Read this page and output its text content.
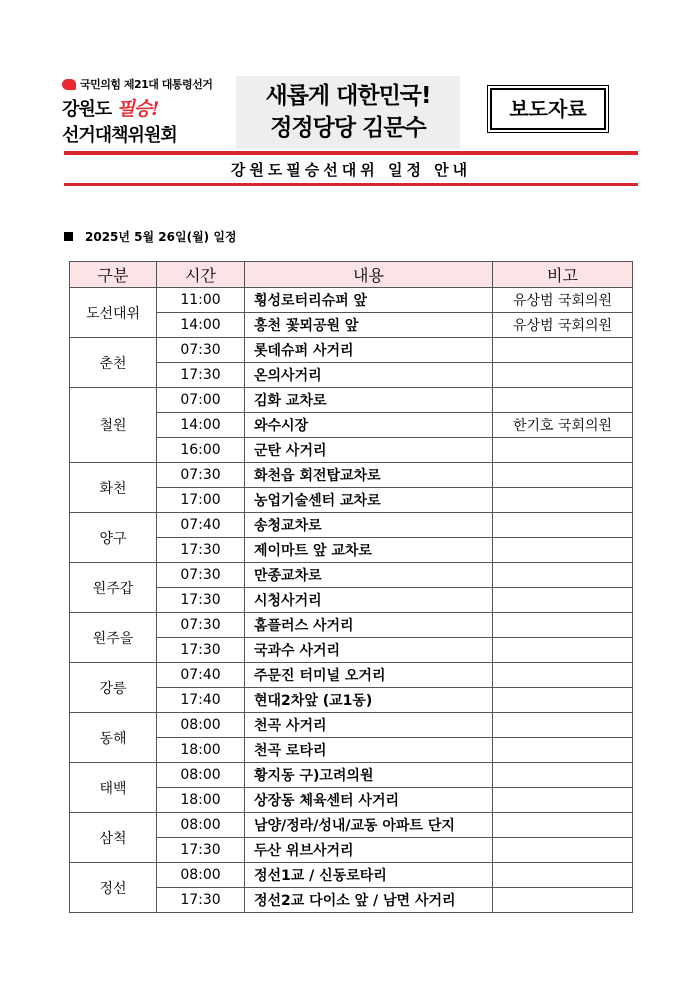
국민의힘 제21대 대통령선거
강원도 필승!
선거대책위원회
새롭게 대한민국!
정정당당 김문수
보도자료
강원도필승선대위 일정 안내
2025년 5월 26일(월) 일정
구분	시간	내용	비고
도선대위	11:00	횡성로터리슈퍼 앞	유상범 국회의원
	14:00	홍천 꽃뫼공원 앞	유상범 국회의원
춘천	07:30	롯데슈퍼 사거리	
	17:30	온의사거리	
철원	07:00	김화 교차로	
	14:00	와수시장	한기호 국회의원
	16:00	군탄 사거리	
화천	07:30	화천읍 회전탑교차로	
	17:00	농업기술센터 교차로	
양구	07:40	송청교차로	
	17:30	제이마트 앞 교차로	
원주갑	07:30	만종교차로	
	17:30	시청사거리	
원주을	07:30	홈플러스 사거리	
	17:30	국과수 사거리	
강릉	07:40	주문진 터미널 오거리	
	17:40	현대2차앞 (교1동)	
동해	08:00	천곡 사거리	
	18:00	천곡 로타리	
태백	08:00	황지동 구)고려의원	
	18:00	상장동 체육센터 사거리	
삼척	08:00	남양/정라/성내/교동 아파트 단지	
	17:30	두산 위브사거리	
정선	08:00	정선1교 / 신동로타리	
	17:30	정선2교 다이소 앞 / 남면 사거리	
